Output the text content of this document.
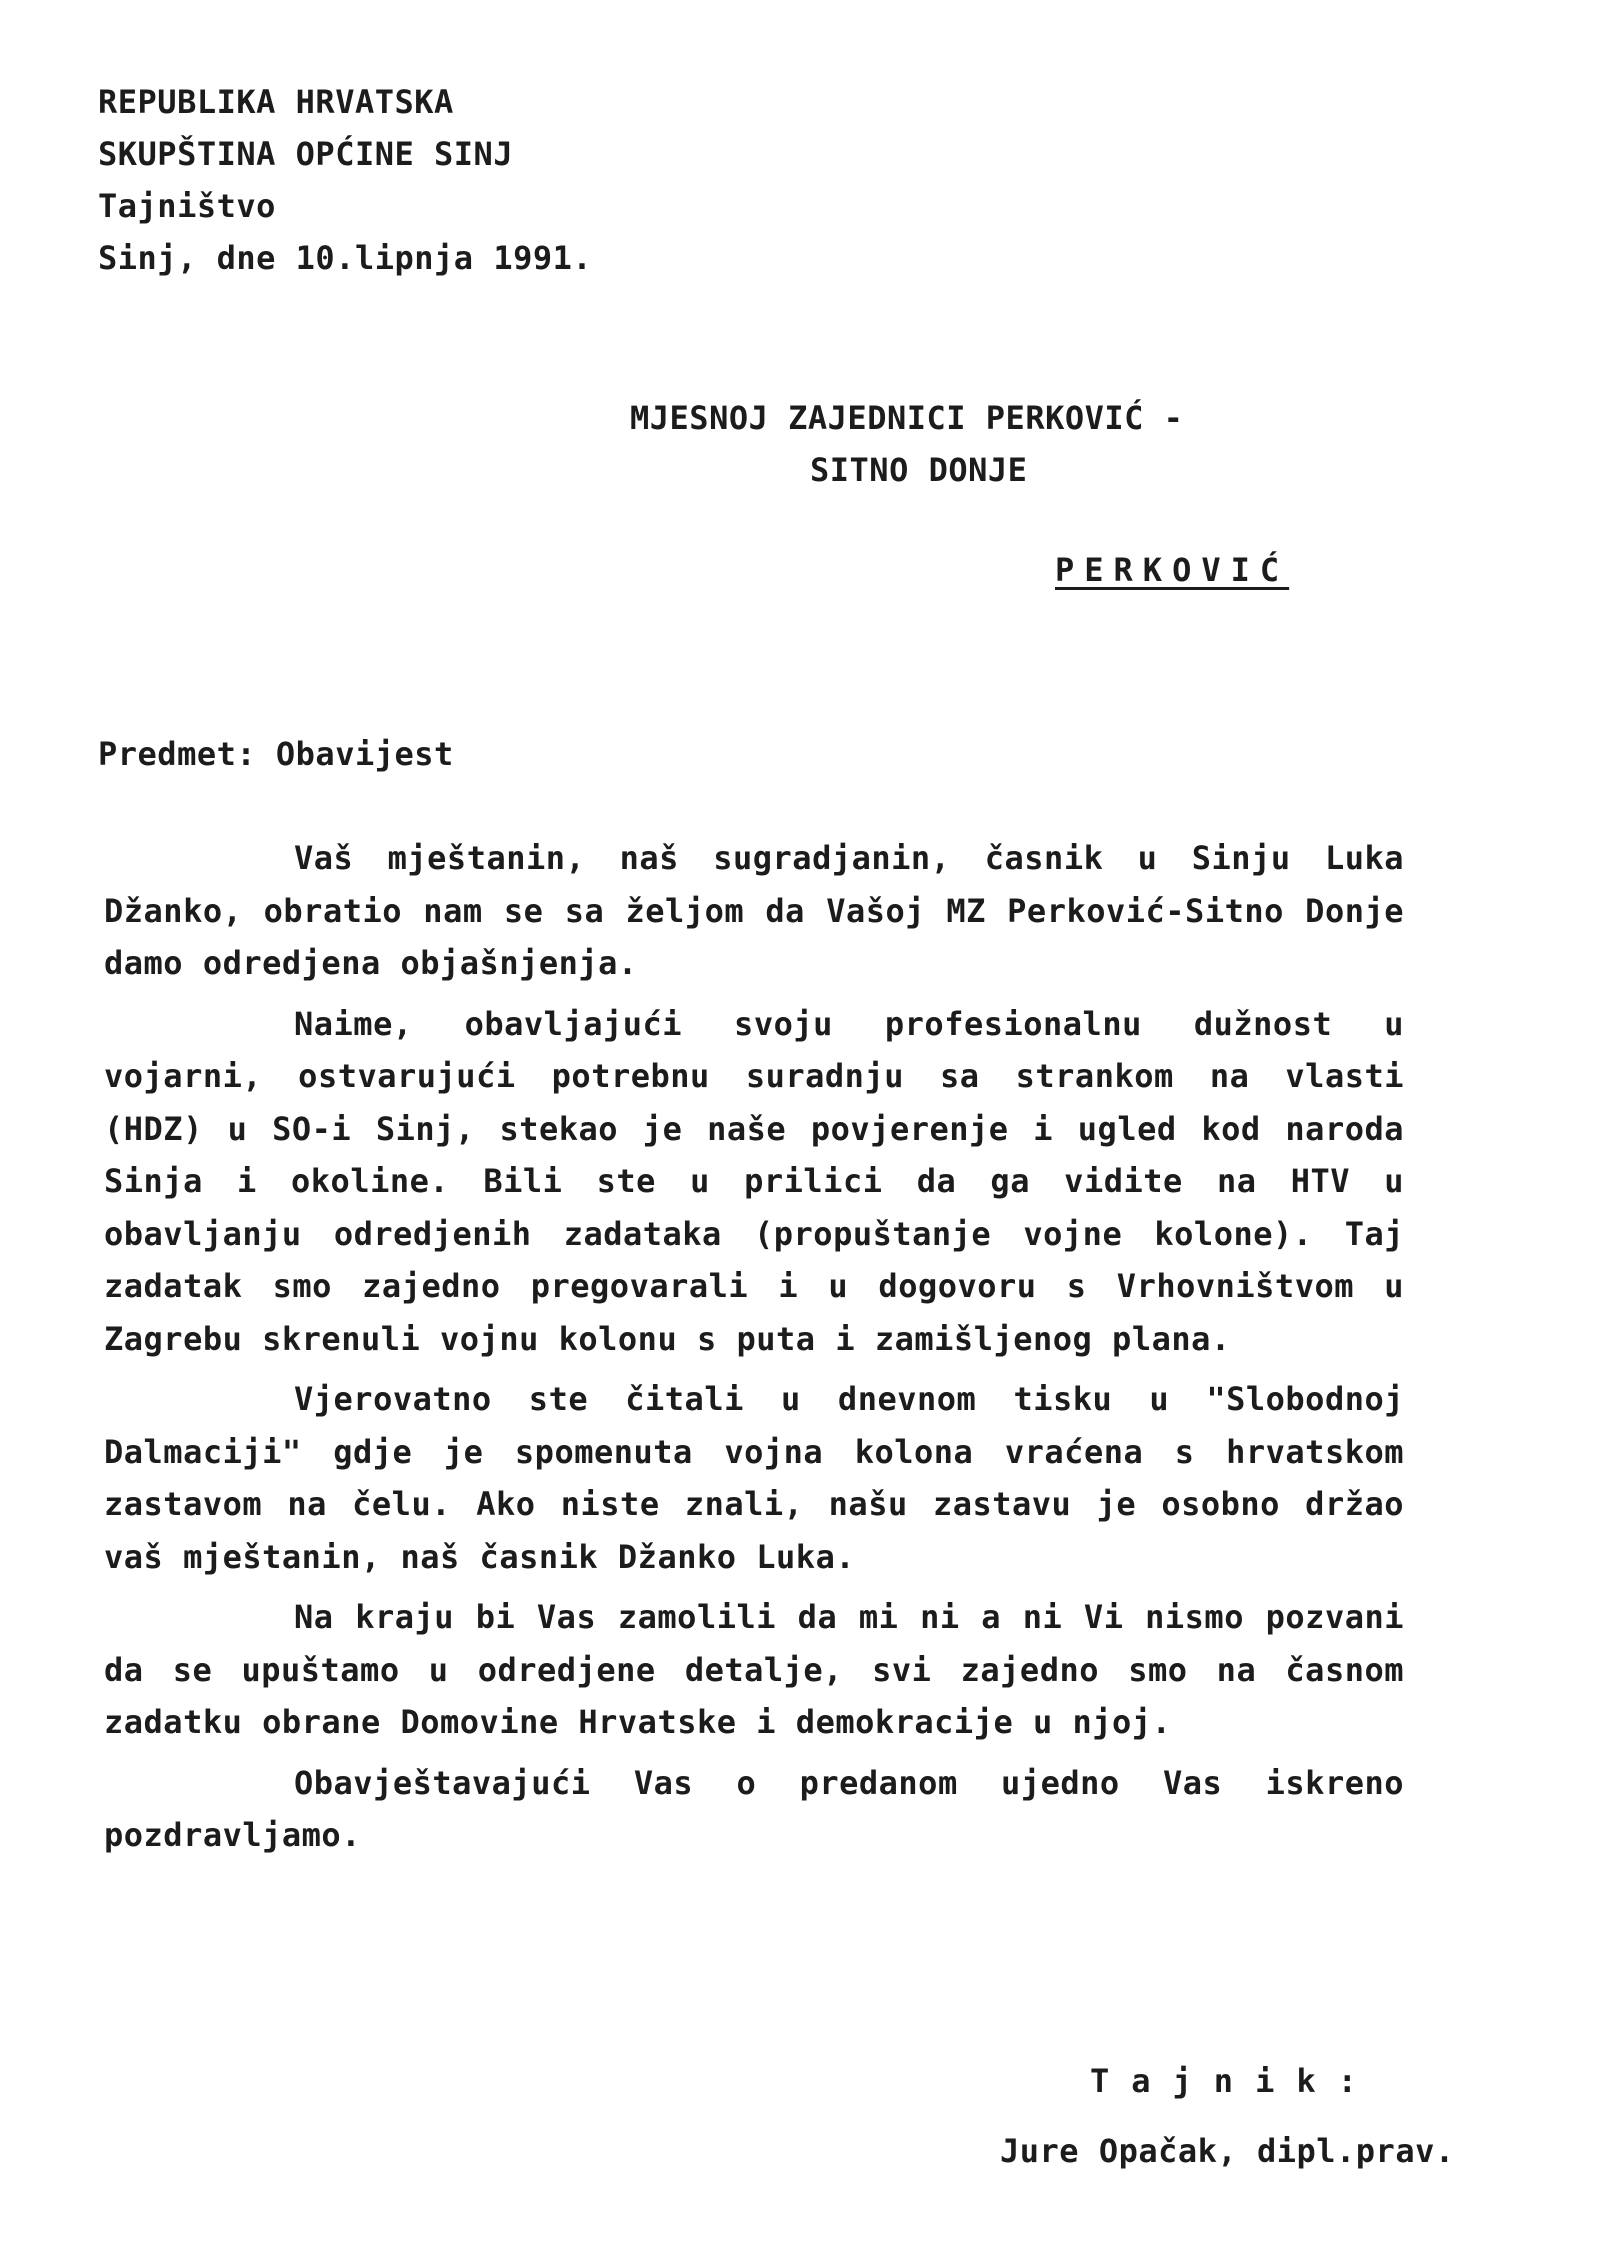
REPUBLIKA HRVATSKA
SKUPŠTINA OPĆINE SINJ
Tajništvo
Sinj, dne 10.lipnja 1991.
MJESNOJ ZAJEDNICI PERKOVIĆ -
SITNO DONJE
PERKOVIĆ
Predmet: Obavijest

Vaš mještanin, naš sugradjanin, časnik u Sinju Luka Džanko, obratio nam se sa željom da Vašoj MZ Perković-Sitno Donje damo odredjena objašnjenja.

Naime, obavljajući svoju profesionalnu dužnost u vojarni, ostvarujući potrebnu suradnju sa strankom na vlasti (HDZ) u SO-i Sinj, stekao je naše povjerenje i ugled kod naroda Sinja i okoline. Bili ste u prilici da ga vidite na HTV u obavljanju odredjenih zadataka (propuštanje vojne kolone). Taj zadatak smo zajedno pregovarali i u dogovoru s Vrhovništvom u Zagrebu skrenuli vojnu kolonu s puta i zamišljenog plana.

Vjerovatno ste čitali u dnevnom tisku u "Slobodnoj Dalmaciji" gdje je spomenuta vojna kolona vraćena s hrvatskom zastavom na čelu. Ako niste znali, našu zastavu je osobno držao vaš mještanin, naš časnik Džanko Luka.

Na kraju bi Vas zamolili da mi ni a ni Vi nismo pozvani da se upuštamo u odredjene detalje, svi zajedno smo na časnom zadatku obrane Domovine Hrvatske i demokracije u njoj.

Obavještavajući Vas o predanom ujedno Vas iskreno pozdravljamo.

Tajnik:
Jure Opačak, dipl.prav.
